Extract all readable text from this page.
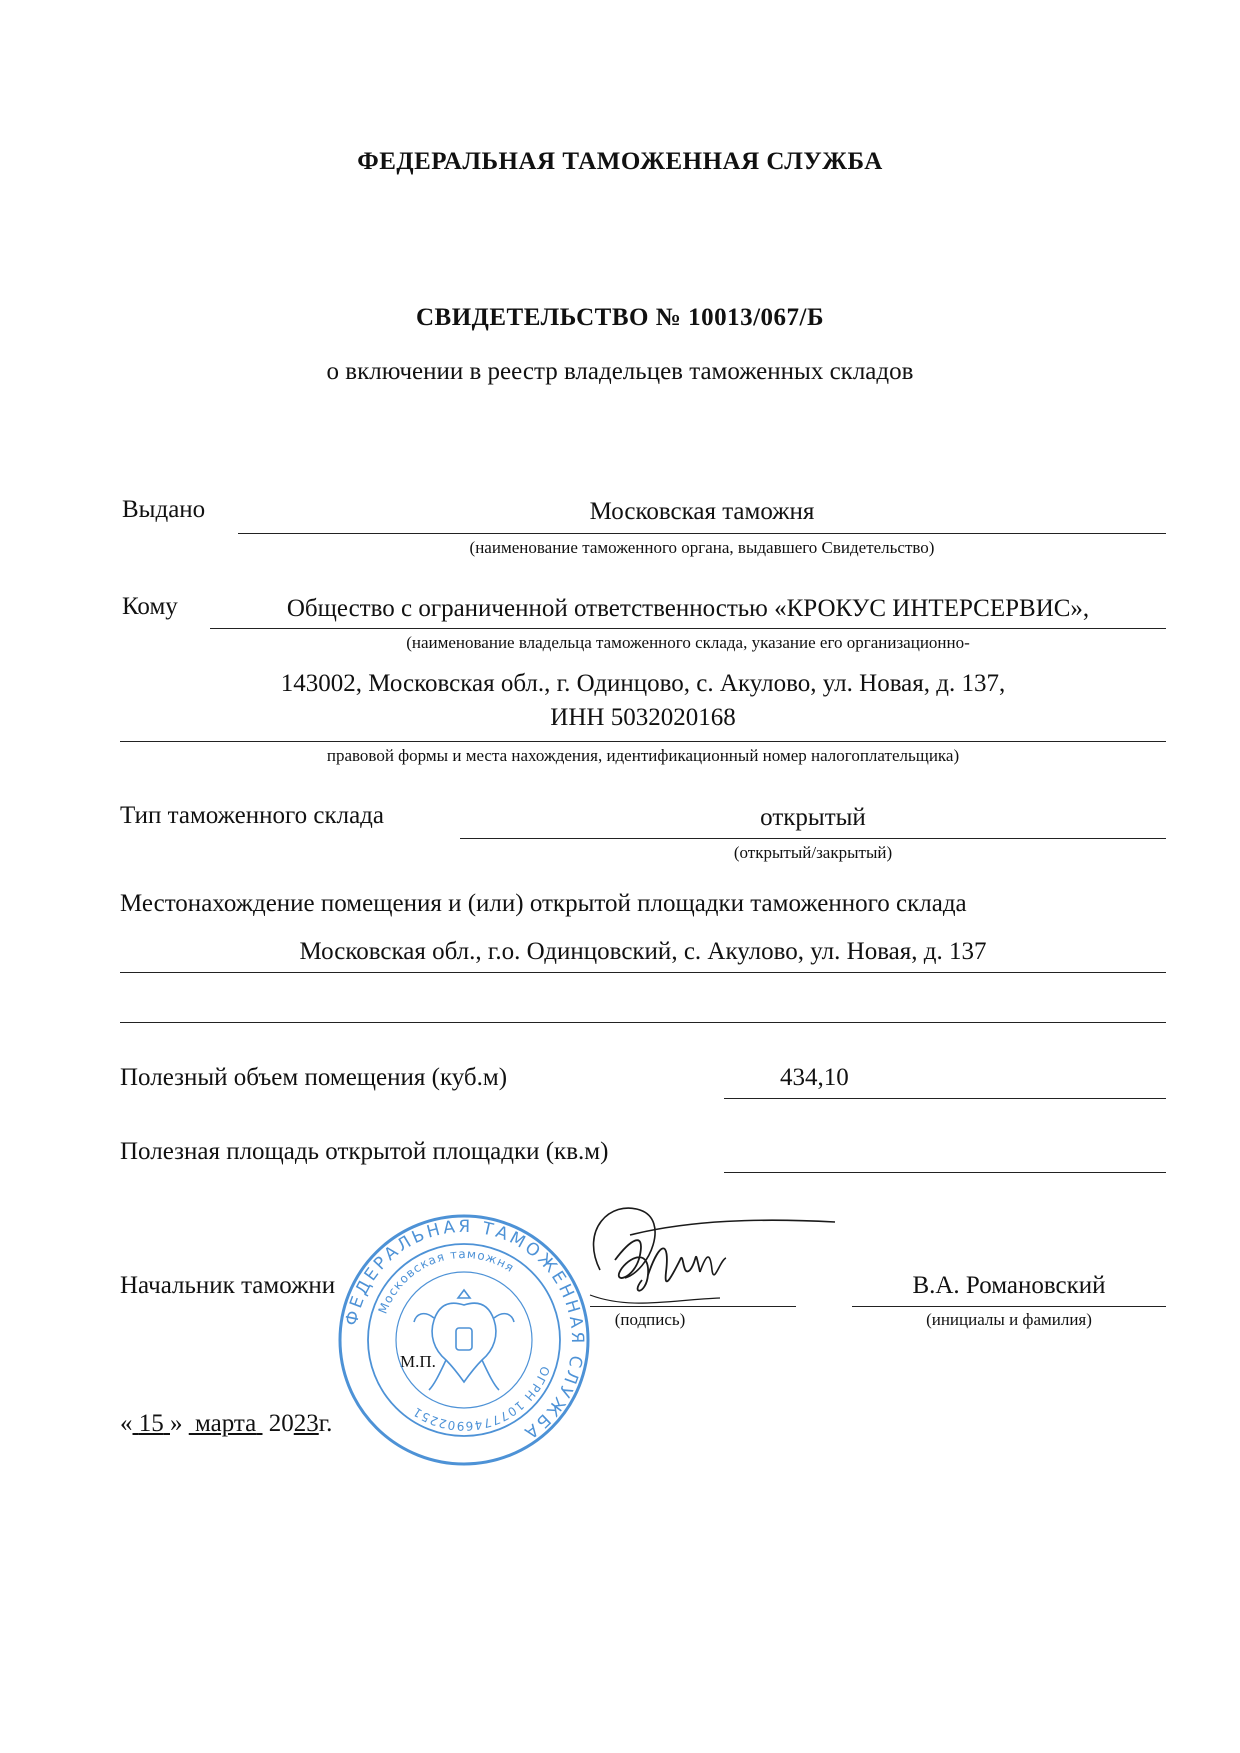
ФЕДЕРАЛЬНАЯ ТАМОЖЕННАЯ СЛУЖБА
СВИДЕТЕЛЬСТВО № 10013/067/Б
о включении в реестр владельцев таможенных складов
Выдано	Московская таможня
(наименование таможенного органа, выдавшего Свидетельство)
Кому	Общество с ограниченной ответственностью «КРОКУС ИНТЕРСЕРВИС»,
(наименование владельца таможенного склада, указание его организационно-
143002, Московская обл., г. Одинцово, с. Акулово, ул. Новая, д. 137,
ИНН 5032020168
правовой формы и места нахождения, идентификационный номер налогоплательщика)
Тип таможенного склада	открытый
(открытый/закрытый)
Местонахождение помещения и (или) открытой площадки таможенного склада
Московская обл., г.о. Одинцовский, с. Акулово, ул. Новая, д. 137
Полезный объем помещения (куб.м)	434,10
Полезная площадь открытой площадки (кв.м)
Начальник таможни
(подпись)
В.А. Романовский
(инициалы и фамилия)
М.П.
« 15 » марта 2023г.
ФЕДЕРАЛЬНАЯ ТАМОЖЕННАЯ СЛУЖБА
Московская таможня
ОГРН 1077746902251
